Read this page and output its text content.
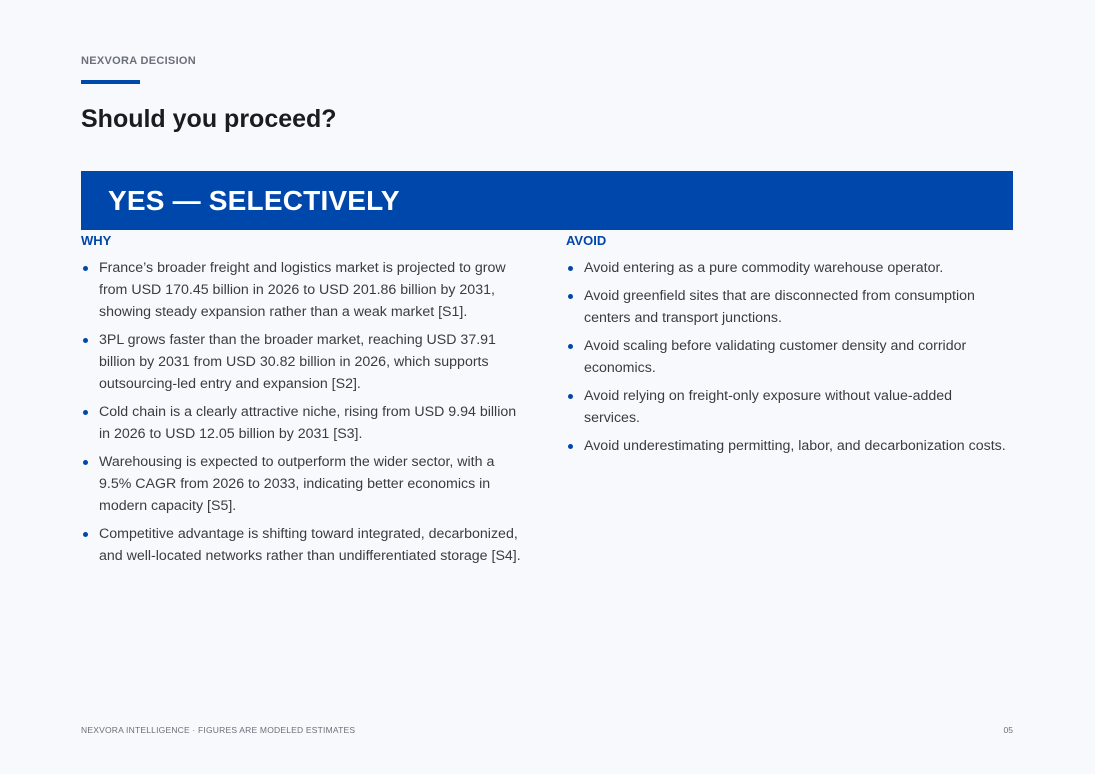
NEXVORA DECISION
Should you proceed?
YES — SELECTIVELY
WHY
France’s broader freight and logistics market is projected to grow from USD 170.45 billion in 2026 to USD 201.86 billion by 2031, showing steady expansion rather than a weak market [S1].
3PL grows faster than the broader market, reaching USD 37.91 billion by 2031 from USD 30.82 billion in 2026, which supports outsourcing-led entry and expansion [S2].
Cold chain is a clearly attractive niche, rising from USD 9.94 billion in 2026 to USD 12.05 billion by 2031 [S3].
Warehousing is expected to outperform the wider sector, with a 9.5% CAGR from 2026 to 2033, indicating better economics in modern capacity [S5].
Competitive advantage is shifting toward integrated, decarbonized, and well-located networks rather than undifferentiated storage [S4].
AVOID
Avoid entering as a pure commodity warehouse operator.
Avoid greenfield sites that are disconnected from consumption centers and transport junctions.
Avoid scaling before validating customer density and corridor economics.
Avoid relying on freight-only exposure without value-added services.
Avoid underestimating permitting, labor, and decarbonization costs.
NEXVORA INTELLIGENCE · FIGURES ARE MODELED ESTIMATES	05
